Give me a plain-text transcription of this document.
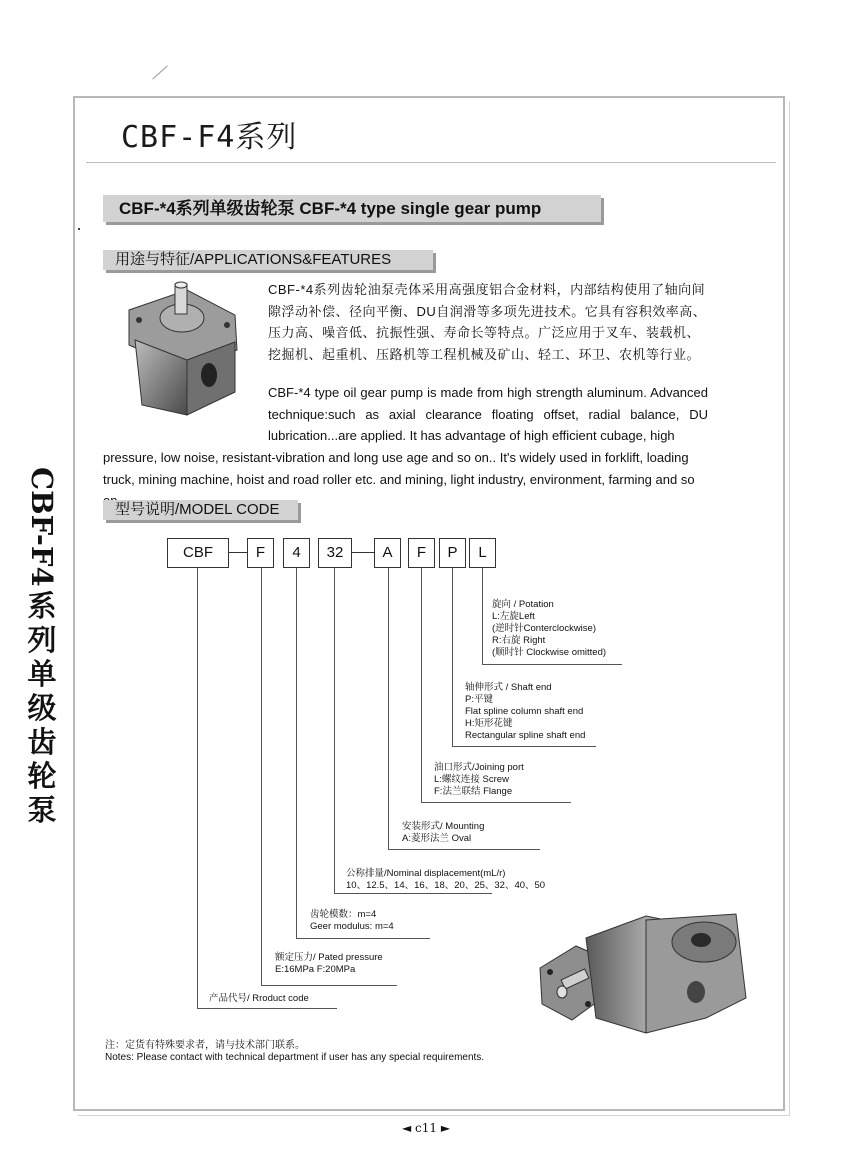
CBF-F4系列
CBF-F4
系
列
单
级
齿
轮
泵
CBF-*4系列单级齿轮泵 CBF-*4 type single gear pump
用途与特征/APPLICATIONS&FEATURES
CBF-*4系列齿轮油泵壳体采用高强度铝合金材料，内部结构使用了轴向间隙浮动补偿、径向平衡、DU自润滑等多项先进技术。它具有容积效率高、压力高、噪音低、抗振性强、寿命长等特点。广泛应用于叉车、装载机、挖掘机、起重机、压路机等工程机械及矿山、轻工、环卫、农机等行业。
CBF-*4 type oil gear pump is made from high strength aluminum. Advanced technique:such as axial clearance floating offset, radial balance, DU lubrication...are applied. It has advantage of high efficient cubage, high
pressure, low noise, resistant-vibration and long use age and so on.. It's widely used in forklift, loading truck, mining machine, hoist and road roller etc. and mining, light industry, environment, farming and so
型号说明/MODEL CODE
CBF	F	4	32	A	F	P	L
旋向 / Potation
L:左旋Left
(逆时针Conterclockwise)
R:右旋 Right
(顺时针 Clockwise omitted)
轴伸形式 / Shaft end
P:平键
Flat spline column shaft end
H:矩形花键
Rectangular spline shaft end
油口形式/Joining port
L:螺纹连接 Screw
F:法兰联结 Flange
安装形式/ Mounting
A:菱形法兰 Oval
公称排量/Nominal displacement(mL/r)
10、12.5、14、16、18、20、25、32、40、50
齿轮模数：m=4
Geer modulus: m=4
额定压力/ Pated pressure
E:16MPa F:20MPa
产品代号/ Rroduct code
注：定货有特殊要求者，请与技术部门联系。
Notes: Please contact with technical department if user has any special requirements.
◄ c11 ►
